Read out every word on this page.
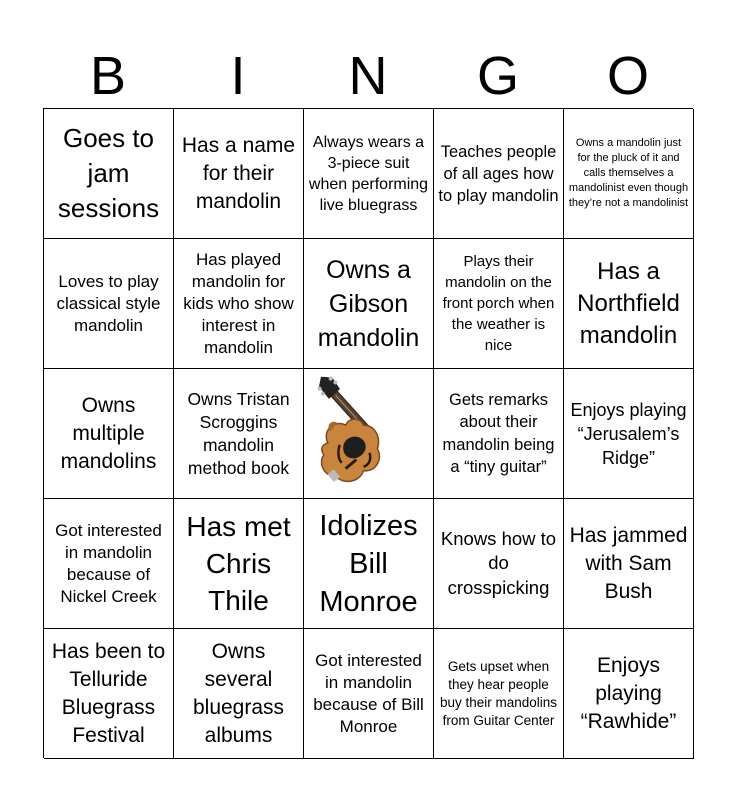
B	I	N	G	O
Goes to jam sessions
Has a name for their mandolin
Always wears a 3-piece suit when performing live bluegrass
Teaches people of all ages how to play mandolin
Owns a mandolin just for the pluck of it and calls themselves a mandolinist even though they’re not a mandolinist
Loves to play classical style mandolin
Has played mandolin for kids who show interest in mandolin
Owns a Gibson mandolin
Plays their mandolin on the front porch when the weather is nice
Has a Northfield mandolin
Owns multiple mandolins
Owns Tristan Scroggins mandolin method book
Gets remarks about their mandolin being a “tiny guitar”
Enjoys playing “Jerusalem’s Ridge”
Got interested in mandolin because of Nickel Creek
Has met Chris Thile
Idolizes Bill Monroe
Knows how to do crosspicking
Has jammed with Sam Bush
Has been to Telluride Bluegrass Festival
Owns several bluegrass albums
Got interested in mandolin because of Bill Monroe
Gets upset when they hear people buy their mandolins from Guitar Center
Enjoys playing “Rawhide”
